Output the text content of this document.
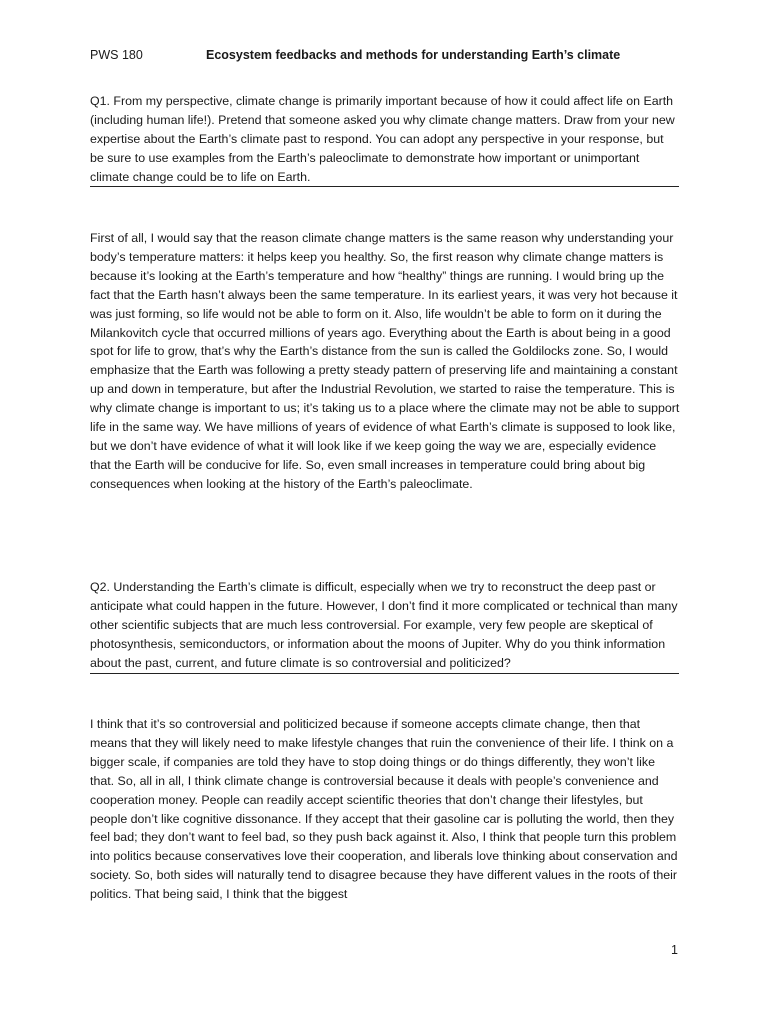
PWS 180	Ecosystem feedbacks and methods for understanding Earth’s climate
Q1. From my perspective, climate change is primarily important because of how it could affect life on Earth (including human life!). Pretend that someone asked you why climate change matters. Draw from your new expertise about the Earth’s climate past to respond. You can adopt any perspective in your response, but be sure to use examples from the Earth’s paleoclimate to demonstrate how important or unimportant climate change could be to life on Earth.
First of all, I would say that the reason climate change matters is the same reason why understanding your body’s temperature matters: it helps keep you healthy. So, the first reason why climate change matters is because it’s looking at the Earth’s temperature and how “healthy” things are running. I would bring up the fact that the Earth hasn’t always been the same temperature. In its earliest years, it was very hot because it was just forming, so life would not be able to form on it. Also, life wouldn’t be able to form on it during the Milankovitch cycle that occurred millions of years ago. Everything about the Earth is about being in a good spot for life to grow, that’s why the Earth’s distance from the sun is called the Goldilocks zone. So, I would emphasize that the Earth was following a pretty steady pattern of preserving life and maintaining a constant up and down in temperature, but after the Industrial Revolution, we started to raise the temperature. This is why climate change is important to us; it’s taking us to a place where the climate may not be able to support life in the same way. We have millions of years of evidence of what Earth’s climate is supposed to look like, but we don’t have evidence of what it will look like if we keep going the way we are, especially evidence that the Earth will be conducive for life. So, even small increases in temperature could bring about big consequences when looking at the history of the Earth’s paleoclimate.
Q2. Understanding the Earth’s climate is difficult, especially when we try to reconstruct the deep past or anticipate what could happen in the future. However, I don’t find it more complicated or technical than many other scientific subjects that are much less controversial. For example, very few people are skeptical of photosynthesis, semiconductors, or information about the moons of Jupiter. Why do you think information about the past, current, and future climate is so controversial and politicized?
I think that it’s so controversial and politicized because if someone accepts climate change, then that means that they will likely need to make lifestyle changes that ruin the convenience of their life. I think on a bigger scale, if companies are told they have to stop doing things or do things differently, they won’t like that. So, all in all, I think climate change is controversial because it deals with people’s convenience and cooperation money. People can readily accept scientific theories that don’t change their lifestyles, but people don’t like cognitive dissonance. If they accept that their gasoline car is polluting the world, then they feel bad; they don’t want to feel bad, so they push back against it. Also, I think that people turn this problem into politics because conservatives love their cooperation, and liberals love thinking about conservation and society. So, both sides will naturally tend to disagree because they have different values in the roots of their politics. That being said, I think that the biggest
1
